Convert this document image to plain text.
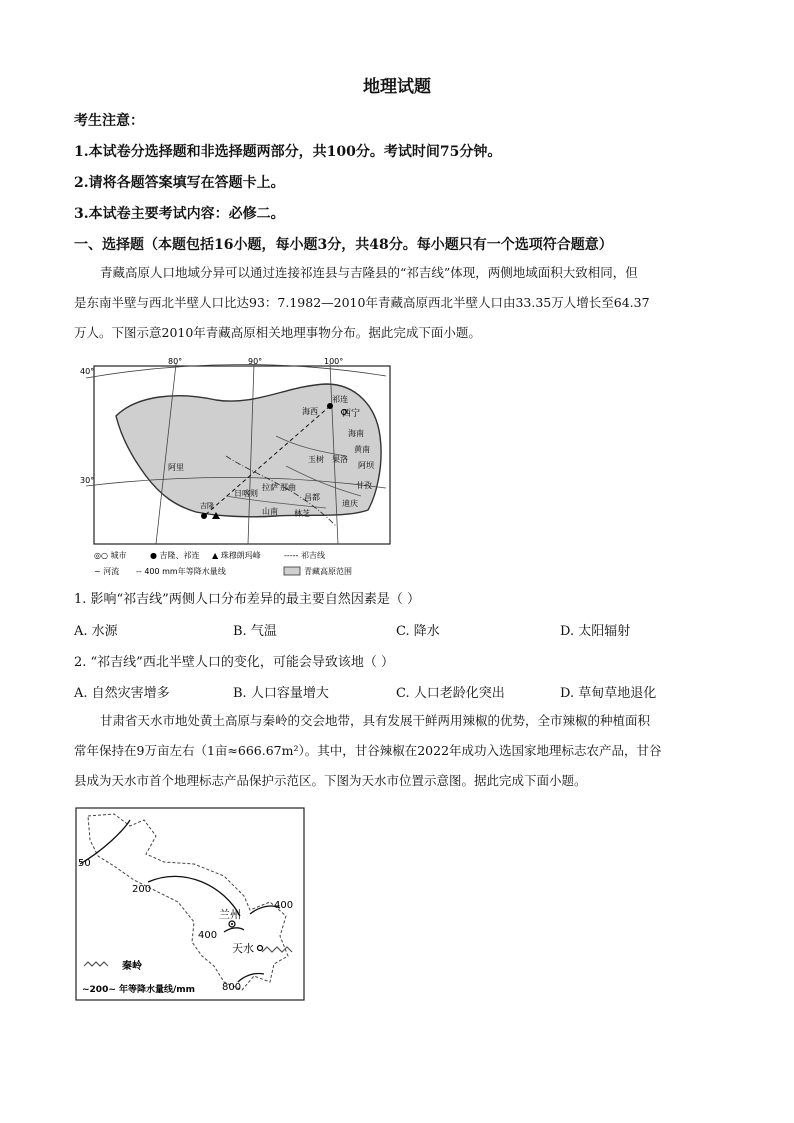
地理试题
考生注意：
1.本试卷分选择题和非选择题两部分，共100分。考试时间75分钟。
2.请将各题答案填写在答题卡上。
3.本试卷主要考试内容：必修二。
一、选择题（本题包括16小题，每小题3分，共48分。每小题只有一个选项符合题意）
青藏高原人口地域分异可以通过连接祁连县与吉隆县的“祁吉线”体现，两侧地域面积大致相同，但
是东南半壁与西北半壁人口比达93：7.1982—2010年青藏高原西北半壁人口由33.35万人增长至64.37
万人。下图示意2010年青藏高原相关地理事物分布。据此完成下面小题。
40°
30°
80°	90°	100°
海西
祁连
西宁
海南
玉树 果洛
黄南
阿坝
阿里
日喀则
拉萨 那曲
昌都
甘孜
迪庆
吉隆
山南 林芝
◎○ 城市	● 吉隆、祁连 ▲ 珠穆朗玛峰	----- 祁吉线
~ 河流 -- 400 mm年等降水量线	青藏高原范围
1. 影响“祁吉线”两侧人口分布差异的最主要自然因素是（ ）
A. 水源	B. 气温	C. 降水	D. 太阳辐射
2. “祁吉线”西北半壁人口的变化，可能会导致该地（ ）
A. 自然灾害增多	B. 人口容量增大	C. 人口老龄化突出	D. 草甸草地退化
甘肃省天水市地处黄土高原与秦岭的交会地带，具有发展干鲜两用辣椒的优势，全市辣椒的种植面积
常年保持在9万亩左右（1亩≈666.67m²）。其中，甘谷辣椒在2022年成功入选国家地理标志农产品，甘谷
县成为天水市首个地理标志产品保护示范区。下图为天水市位置示意图。据此完成下面小题。
50
200
400
400
800
兰州
天水
秦岭
~200~ 年等降水量线/mm
